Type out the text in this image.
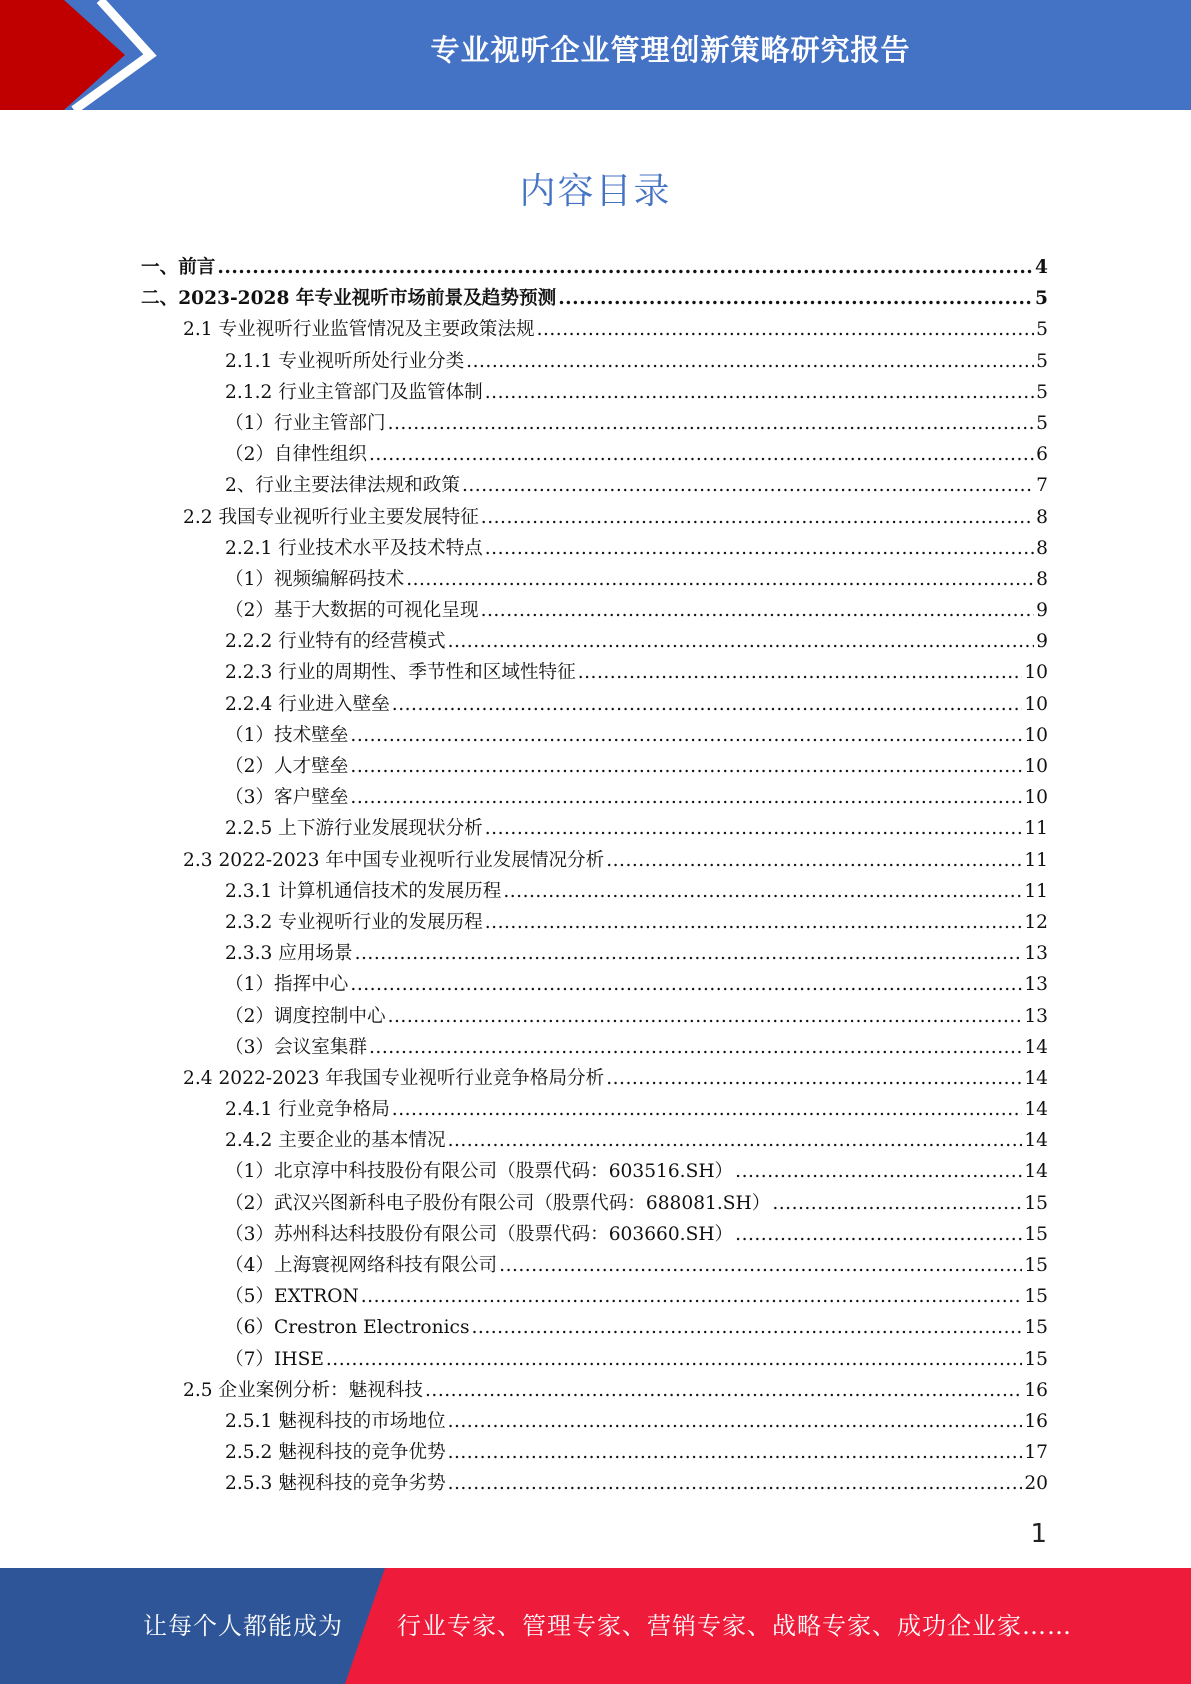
专业视听企业管理创新策略研究报告
内容目录
一、前言 .....	4
二、2023-2028 年专业视听市场前景及趋势预测 .....	5
2.1 专业视听行业监管情况及主要政策法规 .....	5
2.1.1 专业视听所处行业分类 .....	5
2.1.2 行业主管部门及监管体制 .....	5
（1）行业主管部门 .....	5
（2）自律性组织 .....	6
2、行业主要法律法规和政策 .....	7
2.2 我国专业视听行业主要发展特征 .....	8
2.2.1 行业技术水平及技术特点 .....	8
（1）视频编解码技术 .....	8
（2）基于大数据的可视化呈现 .....	9
2.2.2 行业特有的经营模式 .....	9
2.2.3 行业的周期性、季节性和区域性特征 .....	10
2.2.4 行业进入壁垒 .....	10
（1）技术壁垒 .....	10
（2）人才壁垒 .....	10
（3）客户壁垒 .....	10
2.2.5 上下游行业发展现状分析 .....	11
2.3 2022-2023 年中国专业视听行业发展情况分析 .....	11
2.3.1 计算机通信技术的发展历程 .....	11
2.3.2 专业视听行业的发展历程 .....	12
2.3.3 应用场景 .....	13
（1）指挥中心 .....	13
（2）调度控制中心 .....	13
（3）会议室集群 .....	14
2.4 2022-2023 年我国专业视听行业竞争格局分析 .....	14
2.4.1 行业竞争格局 .....	14
2.4.2 主要企业的基本情况 .....	14
（1）北京淳中科技股份有限公司（股票代码：603516.SH） .....	14
（2）武汉兴图新科电子股份有限公司（股票代码：688081.SH） .....	15
（3）苏州科达科技股份有限公司（股票代码：603660.SH） .....	15
（4）上海寰视网络科技有限公司 .....	15
（5）EXTRON .....	15
（6）Crestron Electronics .....	15
（7）IHSE .....	15
2.5 企业案例分析：魅视科技 .....	16
2.5.1 魅视科技的市场地位 .....	16
2.5.2 魅视科技的竞争优势 .....	17
2.5.3 魅视科技的竞争劣势 .....	20
1
让每个人都能成为 行业专家、管理专家、营销专家、战略专家、成功企业家……
